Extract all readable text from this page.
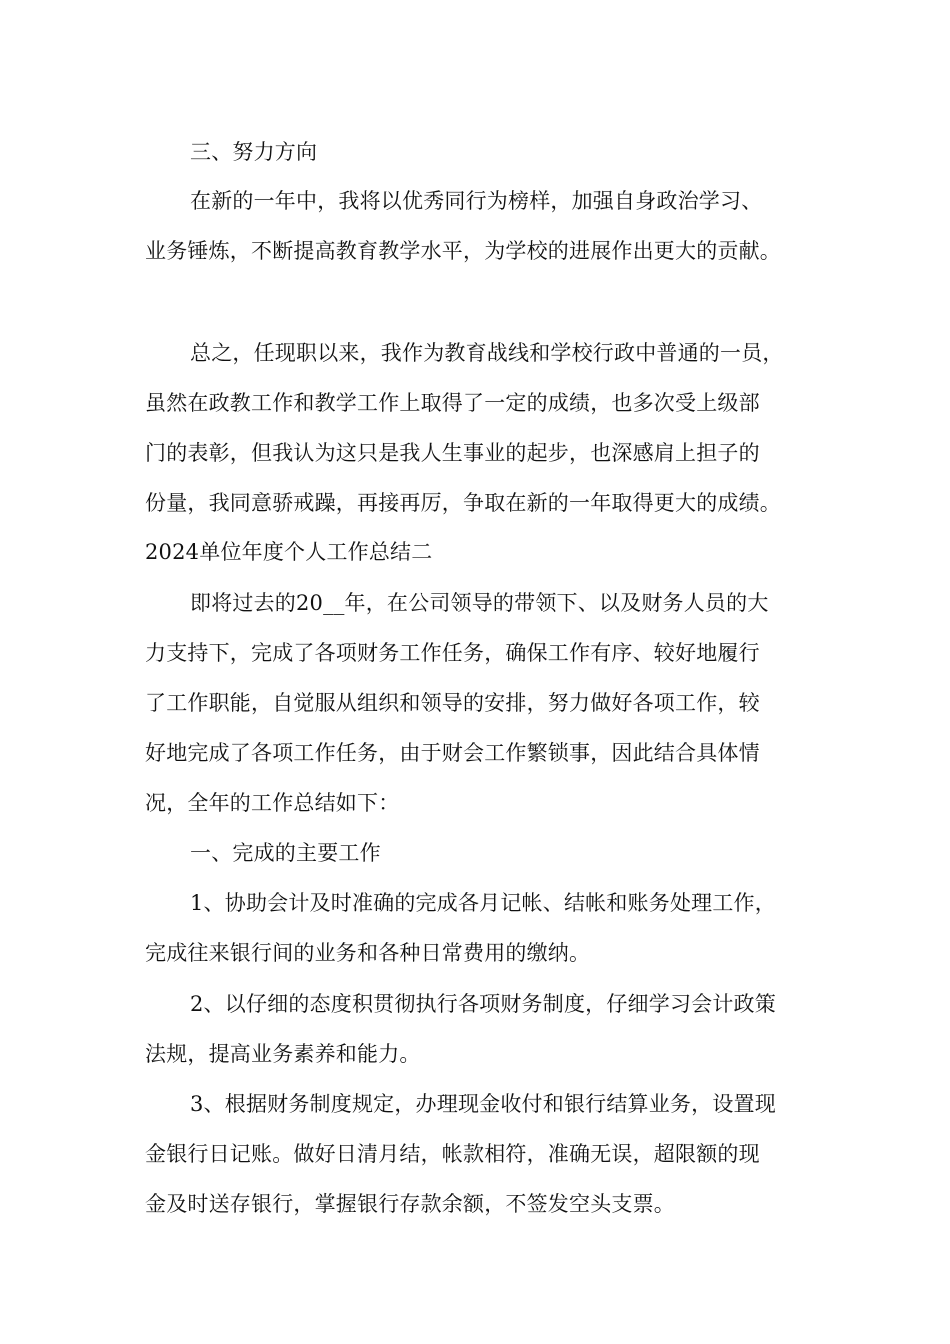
三、努力方向
在新的一年中，我将以优秀同行为榜样，加强自身政治学习、
业务锤炼，不断提高教育教学水平，为学校的进展作出更大的贡献。
总之，任现职以来，我作为教育战线和学校行政中普通的一员，
虽然在政教工作和教学工作上取得了一定的成绩，也多次受上级部
门的表彰，但我认为这只是我人生事业的起步，也深感肩上担子的
份量，我同意骄戒躁，再接再厉，争取在新的一年取得更大的成绩。
2024单位年度个人工作总结二
即将过去的20__年，在公司领导的带领下、以及财务人员的大
力支持下，完成了各项财务工作任务，确保工作有序、较好地履行
了工作职能，自觉服从组织和领导的安排，努力做好各项工作，较
好地完成了各项工作任务，由于财会工作繁锁事，因此结合具体情
况，全年的工作总结如下：
一、完成的主要工作
1、协助会计及时准确的完成各月记帐、结帐和账务处理工作，
完成往来银行间的业务和各种日常费用的缴纳。
2、以仔细的态度积贯彻执行各项财务制度，仔细学习会计政策
法规，提高业务素养和能力。
3、根据财务制度规定，办理现金收付和银行结算业务，设置现
金银行日记账。做好日清月结，帐款相符，准确无误，超限额的现
金及时送存银行，掌握银行存款余额，不签发空头支票。
